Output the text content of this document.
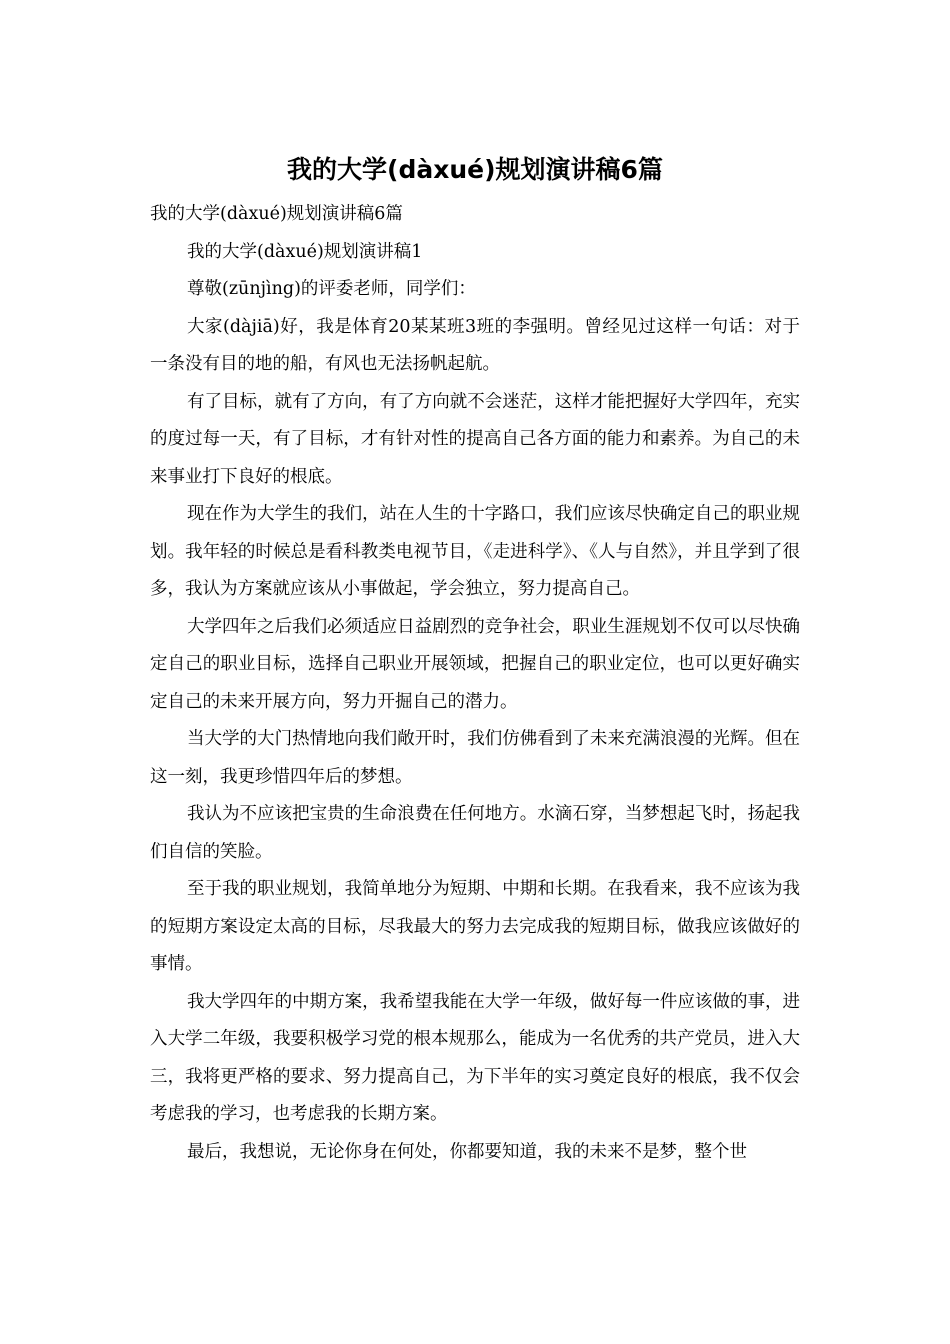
我的大学(dàxué)规划演讲稿6篇

我的大学(dàxué)规划演讲稿6篇

我的大学(dàxué)规划演讲稿1

尊敬(zūnjìng)的评委老师，同学们：

大家(dàjiā)好，我是体育20某某班3班的李强明。曾经见过这样一句话：对于一条没有目的地的船，有风也无法扬帆起航。

有了目标，就有了方向，有了方向就不会迷茫，这样才能把握好大学四年，充实的度过每一天，有了目标，才有针对性的提高自己各方面的能力和素养。为自己的未来事业打下良好的根底。

现在作为大学生的我们，站在人生的十字路口，我们应该尽快确定自己的职业规划。我年轻的时候总是看科教类电视节目，《走进科学》、《人与自然》，并且学到了很多，我认为方案就应该从小事做起，学会独立，努力提高自己。

大学四年之后我们必须适应日益剧烈的竞争社会，职业生涯规划不仅可以尽快确定自己的职业目标，选择自己职业开展领域，把握自己的职业定位，也可以更好确实定自己的未来开展方向，努力开掘自己的潜力。

当大学的大门热情地向我们敞开时，我们仿佛看到了未来充满浪漫的光辉。但在这一刻，我更珍惜四年后的梦想。

我认为不应该把宝贵的生命浪费在任何地方。水滴石穿，当梦想起飞时，扬起我们自信的笑脸。

至于我的职业规划，我简单地分为短期、中期和长期。在我看来，我不应该为我的短期方案设定太高的目标，尽我最大的努力去完成我的短期目标，做我应该做好的事情。

我大学四年的中期方案，我希望我能在大学一年级，做好每一件应该做的事，进入大学二年级，我要积极学习党的根本规那么，能成为一名优秀的共产党员，进入大三，我将更严格的要求、努力提高自己，为下半年的实习奠定良好的根底，我不仅会考虑我的学习，也考虑我的长期方案。

最后，我想说，无论你身在何处，你都要知道，我的未来不是梦，整个世
